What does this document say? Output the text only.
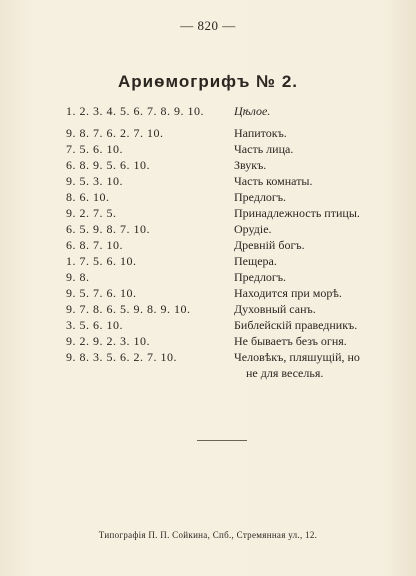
— 820 —
Ариѳмогрифъ № 2.
1. 2. 3. 4. 5. 6. 7. 8. 9. 10.	Цѣлое.
9. 8. 7. 6. 2. 7. 10.	Напитокъ.
7. 5. 6. 10.	Часть лица.
6. 8. 9. 5. 6. 10.	Звукъ.
9. 5. 3. 10.	Часть комнаты.
8. 6. 10.	Предлогъ.
9. 2. 7. 5.	Принадлежность птицы.
6. 5. 9. 8. 7. 10.	Орудіе.
6. 8. 7. 10.	Древній богъ.
1. 7. 5. 6. 10.	Пещера.
9. 8.	Предлогъ.
9. 5. 7. 6. 10.	Находится при морѣ.
9. 7. 8. 6. 5. 9. 8. 9. 10.	Духовный санъ.
3. 5. 6. 10.	Библейскій праведникъ.
9. 2. 9. 2. 3. 10.	Не бываетъ безъ огня.
9. 8. 3. 5. 6. 2. 7. 10.	Человѣкъ, пляшущій, но
не для веселья.
Типографія П. П. Сойкина, Спб., Стремянная ул., 12.
